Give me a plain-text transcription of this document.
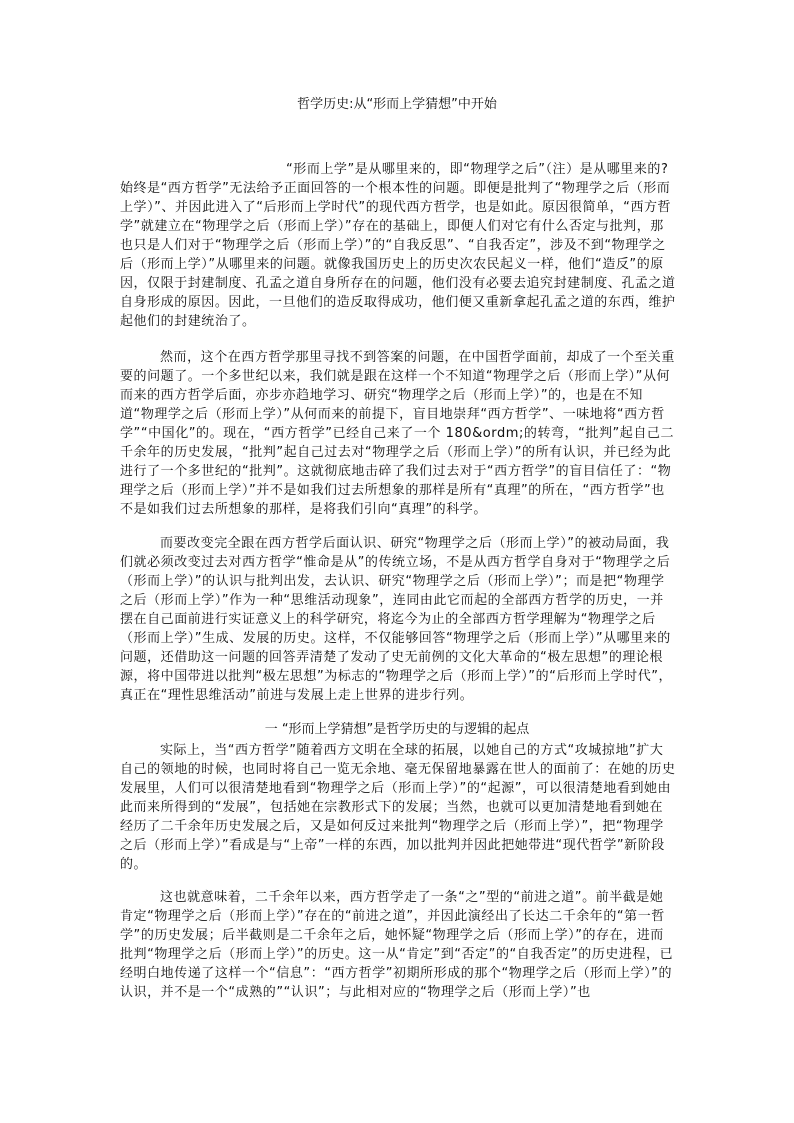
哲学历史:从“形而上学猜想”中开始

“形而上学”是从哪里来的，即“物理学之后”（注）是从哪里来的?
始终是“西方哲学”无法给予正面回答的一个根本性的问题。即便是批判了“物理学之后（形而上学）”、并因此进入了“后形而上学时代”的现代西方哲学，也是如此。原因很简单，“西方哲学”就建立在“物理学之后（形而上学）”存在的基础上，即便人们对它有什么否定与批判，那也只是人们对于“物理学之后（形而上学）”的“自我反思”、“自我否定”，涉及不到“物理学之后（形而上学）”从哪里来的问题。就像我国历史上的历史次农民起义一样，他们“造反”的原因，仅限于封建制度、孔孟之道自身所存在的问题，他们没有必要去追究封建制度、孔孟之道自身形成的原因。因此，一旦他们的造反取得成功，他们便又重新拿起孔孟之道的东西，维护起他们的封建统治了。

然而，这个在西方哲学那里寻找不到答案的问题，在中国哲学面前，却成了一个至关重要的问题了。一个多世纪以来，我们就是跟在这样一个不知道“物理学之后（形而上学）”从何而来的西方哲学后面，亦步亦趋地学习、研究“物理学之后（形而上学）”的，也是在不知道“物理学之后（形而上学）”从何而来的前提下，盲目地崇拜“西方哲学”、一味地将“西方哲学”“中国化”的。现在，“西方哲学”已经自己来了一个 180&ordm;的转弯，“批判”起自己二千余年的历史发展，“批判”起自己过去对“物理学之后（形而上学）”的所有认识，并已经为此进行了一个多世纪的“批判”。这就彻底地击碎了我们过去对于“西方哲学”的盲目信任了：“物理学之后（形而上学）”并不是如我们过去所想象的那样是所有“真理”的所在，“西方哲学”也不是如我们过去所想象的那样，是将我们引向“真理”的科学。

而要改变完全跟在西方哲学后面认识、研究“物理学之后（形而上学）”的被动局面，我们就必须改变过去对西方哲学“惟命是从”的传统立场，不是从西方哲学自身对于“物理学之后（形而上学）”的认识与批判出发，去认识、研究“物理学之后（形而上学）”；而是把“物理学之后（形而上学）”作为一种“思维活动现象”，连同由此它而起的全部西方哲学的历史，一并摆在自己面前进行实证意义上的科学研究，将迄今为止的全部西方哲学理解为“物理学之后（形而上学）”生成、发展的历史。这样，不仅能够回答“物理学之后（形而上学）”从哪里来的问题，还借助这一问题的回答弄清楚了发动了史无前例的文化大革命的“极左思想”的理论根源，将中国带进以批判“极左思想”为标志的“物理学之后（形而上学）”的“后形而上学时代”，真正在“理性思维活动”前进与发展上走上世界的进步行列。

一 “形而上学猜想”是哲学历史的与逻辑的起点

实际上，当“西方哲学”随着西方文明在全球的拓展，以她自己的方式“攻城掠地”扩大自己的领地的时候，也同时将自己一览无余地、毫无保留地暴露在世人的面前了：在她的历史发展里，人们可以很清楚地看到“物理学之后（形而上学）”的“起源”，可以很清楚地看到她由此而来所得到的“发展”，包括她在宗教形式下的发展；当然，也就可以更加清楚地看到她在经历了二千余年历史发展之后，又是如何反过来批判“物理学之后（形而上学）”，把“物理学之后（形而上学）”看成是与“上帝”一样的东西，加以批判并因此把她带进“现代哲学”新阶段的。

这也就意味着，二千余年以来，西方哲学走了一条“之”型的“前进之道”。前半截是她肯定“物理学之后（形而上学）”存在的“前进之道”，并因此演经出了长达二千余年的“第一哲学”的历史发展；后半截则是二千余年之后，她怀疑“物理学之后（形而上学）”的存在，进而批判“物理学之后（形而上学）”的历史。这一从“肯定”到“否定”的“自我否定”的历史进程，已经明白地传递了这样一个“信息”：“西方哲学”初期所形成的那个“物理学之后（形而上学）”的认识，并不是一个“成熟的”“认识”；与此相对应的“物理学之后（形而上学）”也
